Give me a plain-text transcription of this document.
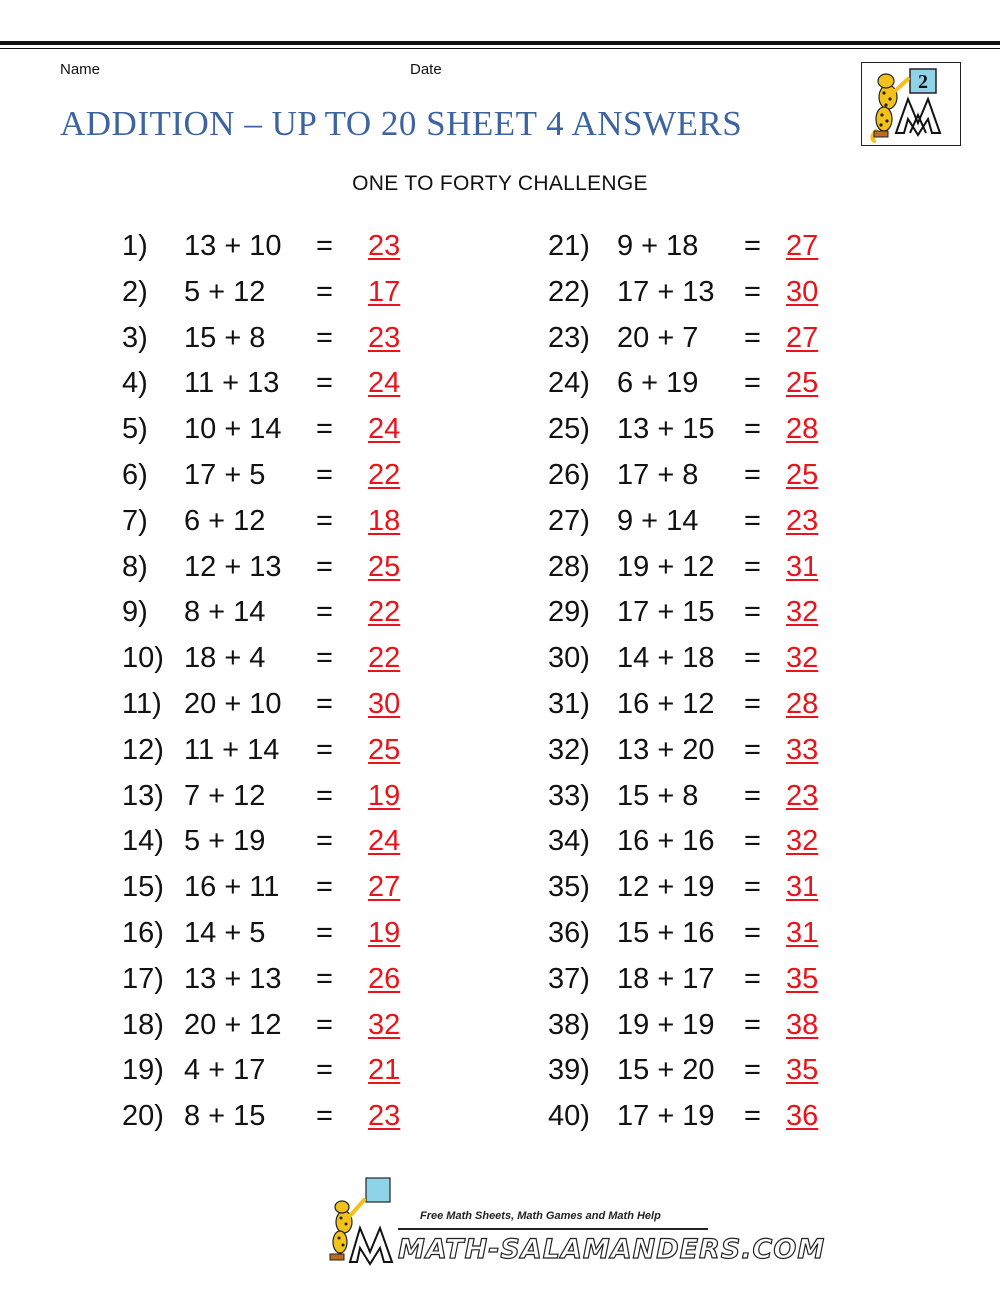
Name	Date
ADDITION – UP TO 20 SHEET 4 ANSWERS
ONE TO FORTY CHALLENGE
2
1) 13 + 10 = 23
2) 5 + 12 = 17
3) 15 + 8 = 23
4) 11 + 13 = 24
5) 10 + 14 = 24
6) 17 + 5 = 22
7) 6 + 12 = 18
8) 12 + 13 = 25
9) 8 + 14 = 22
10) 18 + 4 = 22
11) 20 + 10 = 30
12) 11 + 14 = 25
13) 7 + 12 = 19
14) 5 + 19 = 24
15) 16 + 11 = 27
16) 14 + 5 = 19
17) 13 + 13 = 26
18) 20 + 12 = 32
19) 4 + 17 = 21
20) 8 + 15 = 23
21) 9 + 18 = 27
22) 17 + 13 = 30
23) 20 + 7 = 27
24) 6 + 19 = 25
25) 13 + 15 = 28
26) 17 + 8 = 25
27) 9 + 14 = 23
28) 19 + 12 = 31
29) 17 + 15 = 32
30) 14 + 18 = 32
31) 16 + 12 = 28
32) 13 + 20 = 33
33) 15 + 8 = 23
34) 16 + 16 = 32
35) 12 + 19 = 31
36) 15 + 16 = 31
37) 18 + 17 = 35
38) 19 + 19 = 38
39) 15 + 20 = 35
40) 17 + 19 = 36
Free Math Sheets, Math Games and Math Help
MATH-SALAMANDERS.COM
